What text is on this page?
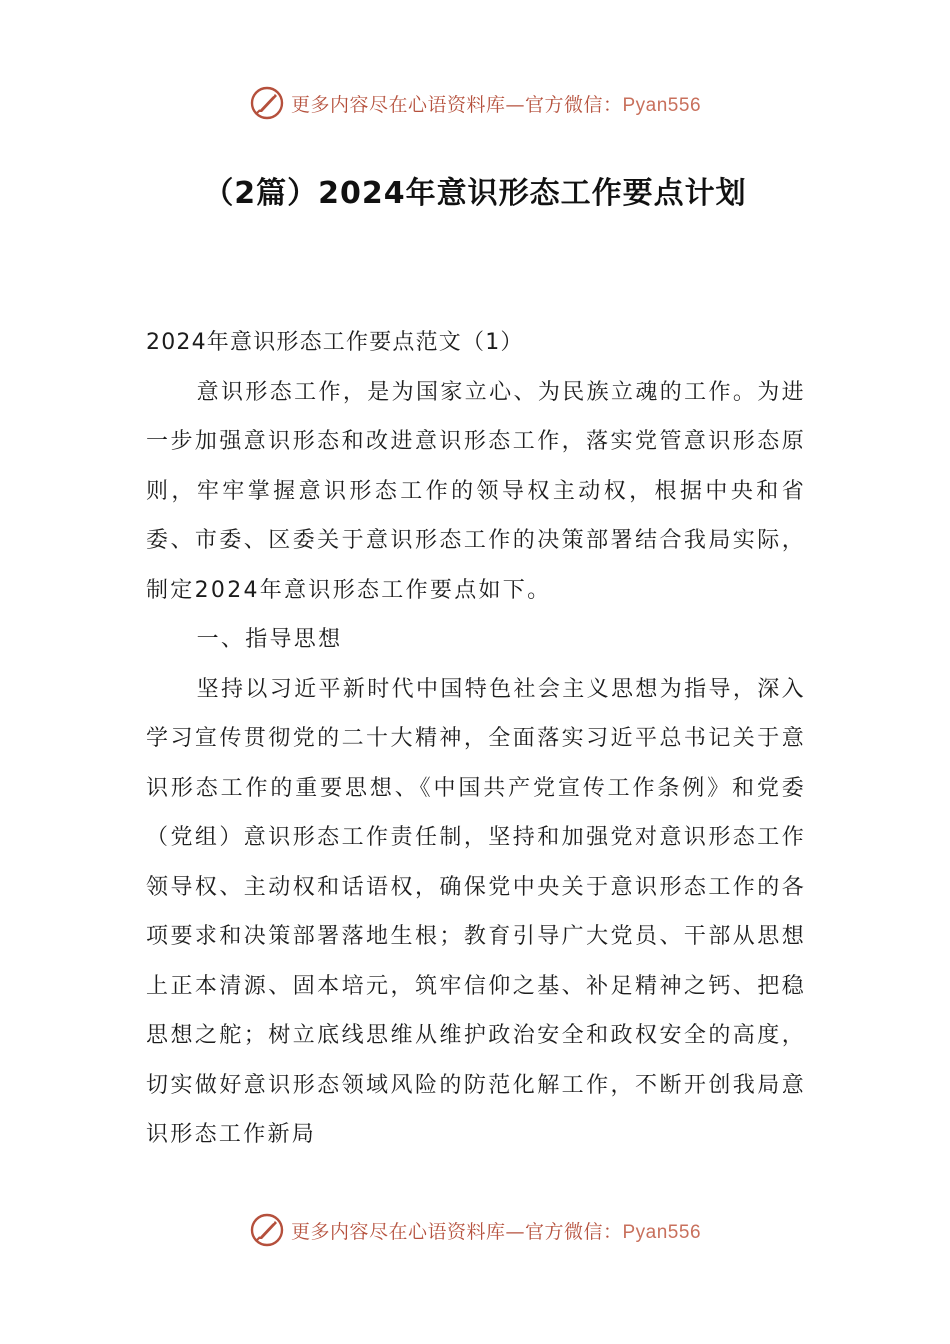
更多内容尽在心语资料库—官方微信：Pyan556
（2篇）2024年意识形态工作要点计划

2024年意识形态工作要点范文（1）

意识形态工作，是为国家立心、为民族立魂的工作。为进一步加强意识形态和改进意识形态工作，落实党管意识形态原则，牢牢掌握意识形态工作的领导权主动权，根据中央和省委、市委、区委关于意识形态工作的决策部署结合我局实际，制定2024年意识形态工作要点如下。

一、指导思想

坚持以习近平新时代中国特色社会主义思想为指导，深入学习宣传贯彻党的二十大精神，全面落实习近平总书记关于意识形态工作的重要思想、《中国共产党宣传工作条例》和党委（党组）意识形态工作责任制，坚持和加强党对意识形态工作领导权、主动权和话语权，确保党中央关于意识形态工作的各项要求和决策部署落地生根；教育引导广大党员、干部从思想上正本清源、固本培元，筑牢信仰之基、补足精神之钙、把稳思想之舵；树立底线思维从维护政治安全和政权安全的高度，切实做好意识形态领域风险的防范化解工作，不断开创我局意识形态工作新局

更多内容尽在心语资料库—官方微信：Pyan556
